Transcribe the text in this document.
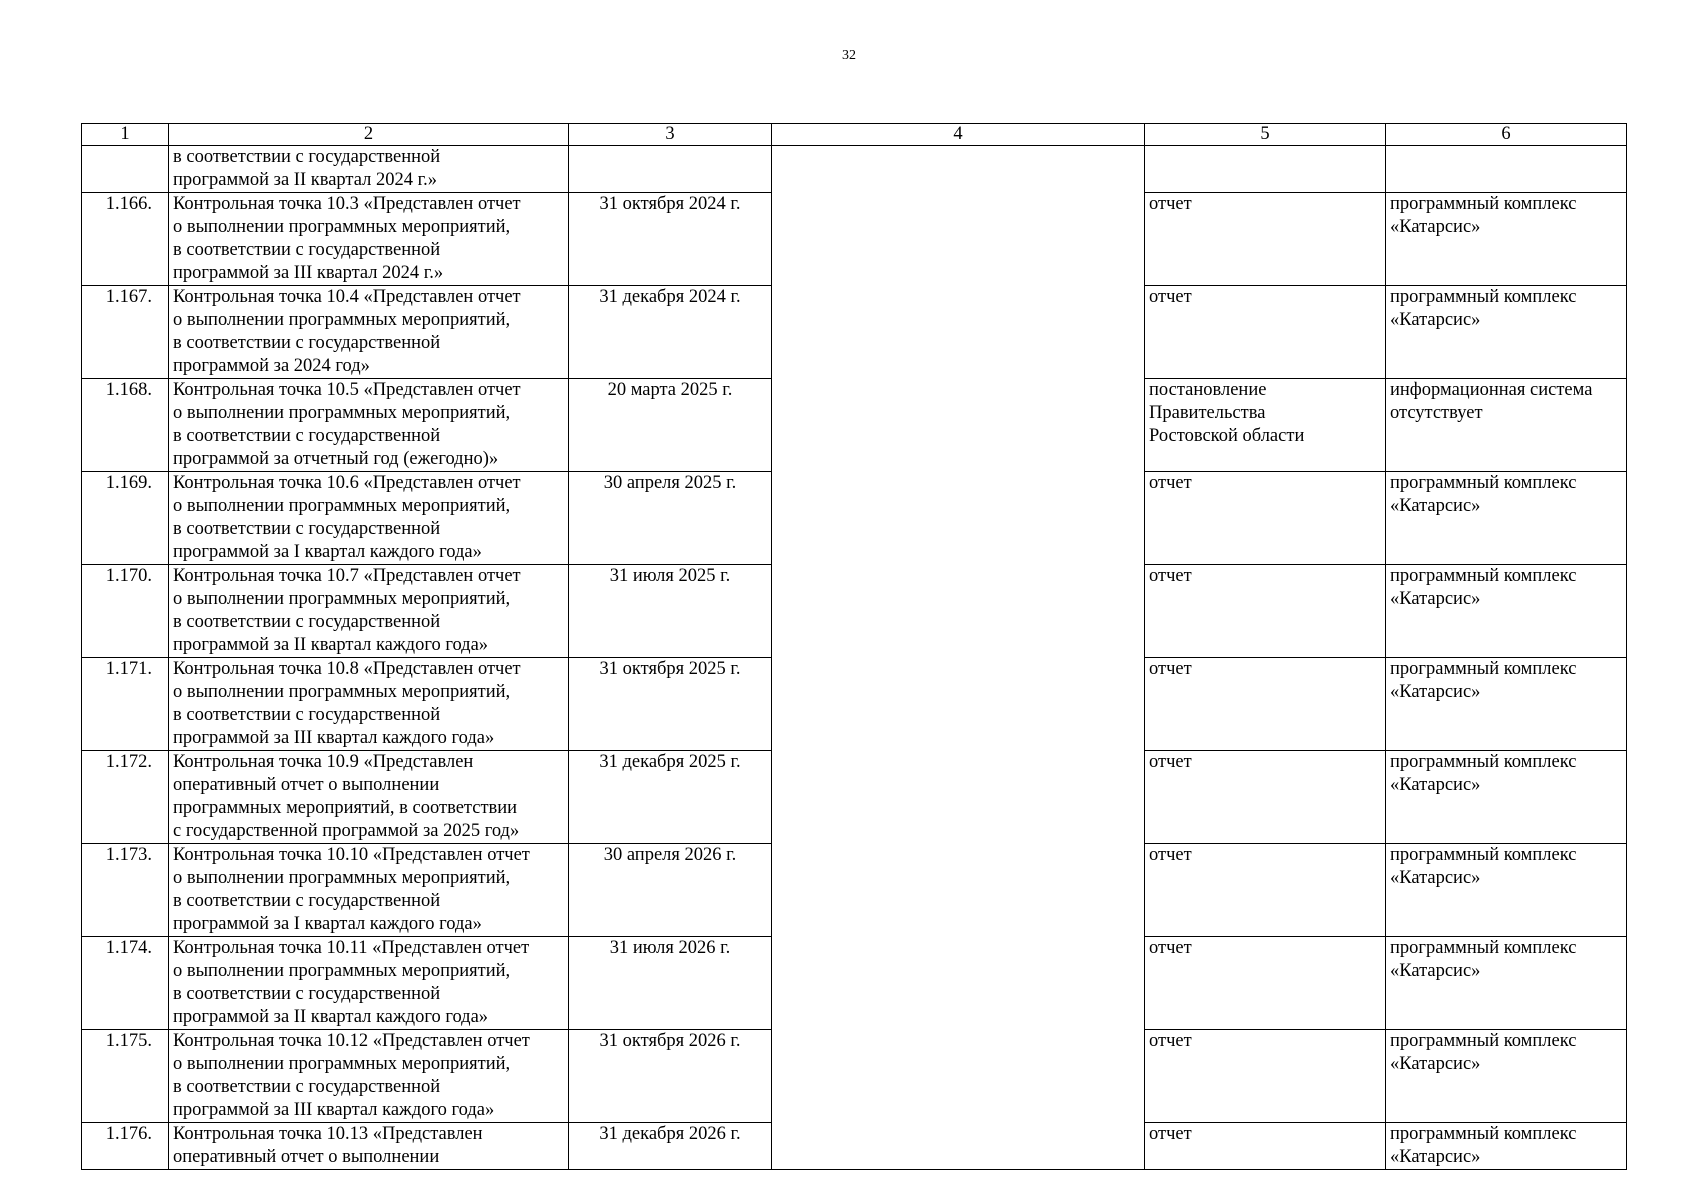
32
1	2	3	4	5	6

	в соответствии с государственной
программой за II квартал 2024 г.»				

1.166.	Контрольная точка 10.3 «Представлен отчет
о выполнении программных мероприятий,
в соответствии с государственной
программой за III квартал 2024 г.»	31 октября 2024 г.		отчет	программный комплекс
«Катарсис»

1.167.	Контрольная точка 10.4 «Представлен отчет
о выполнении программных мероприятий,
в соответствии с государственной
программой за 2024 год»	31 декабря 2024 г.		отчет	программный комплекс
«Катарсис»

1.168.	Контрольная точка 10.5 «Представлен отчет
о выполнении программных мероприятий,
в соответствии с государственной
программой за отчетный год (ежегодно)»	20 марта 2025 г.		постановление
Правительства
Ростовской области	информационная система
отсутствует

1.169.	Контрольная точка 10.6 «Представлен отчет
о выполнении программных мероприятий,
в соответствии с государственной
программой за I квартал каждого года»	30 апреля 2025 г.		отчет	программный комплекс
«Катарсис»

1.170.	Контрольная точка 10.7 «Представлен отчет
о выполнении программных мероприятий,
в соответствии с государственной
программой за II квартал каждого года»	31 июля 2025 г.		отчет	программный комплекс
«Катарсис»

1.171.	Контрольная точка 10.8 «Представлен отчет
о выполнении программных мероприятий,
в соответствии с государственной
программой за III квартал каждого года»	31 октября 2025 г.		отчет	программный комплекс
«Катарсис»

1.172.	Контрольная точка 10.9 «Представлен
оперативный отчет о выполнении
программных мероприятий, в соответствии
с государственной программой за 2025 год»	31 декабря 2025 г.		отчет	программный комплекс
«Катарсис»

1.173.	Контрольная точка 10.10 «Представлен отчет
о выполнении программных мероприятий,
в соответствии с государственной
программой за I квартал каждого года»	30 апреля 2026 г.		отчет	программный комплекс
«Катарсис»

1.174.	Контрольная точка 10.11 «Представлен отчет
о выполнении программных мероприятий,
в соответствии с государственной
программой за II квартал каждого года»	31 июля 2026 г.		отчет	программный комплекс
«Катарсис»

1.175.	Контрольная точка 10.12 «Представлен отчет
о выполнении программных мероприятий,
в соответствии с государственной
программой за III квартал каждого года»	31 октября 2026 г.		отчет	программный комплекс
«Катарсис»

1.176.	Контрольная точка 10.13 «Представлен
оперативный отчет о выполнении	31 декабря 2026 г.		отчет	программный комплекс
«Катарсис»
